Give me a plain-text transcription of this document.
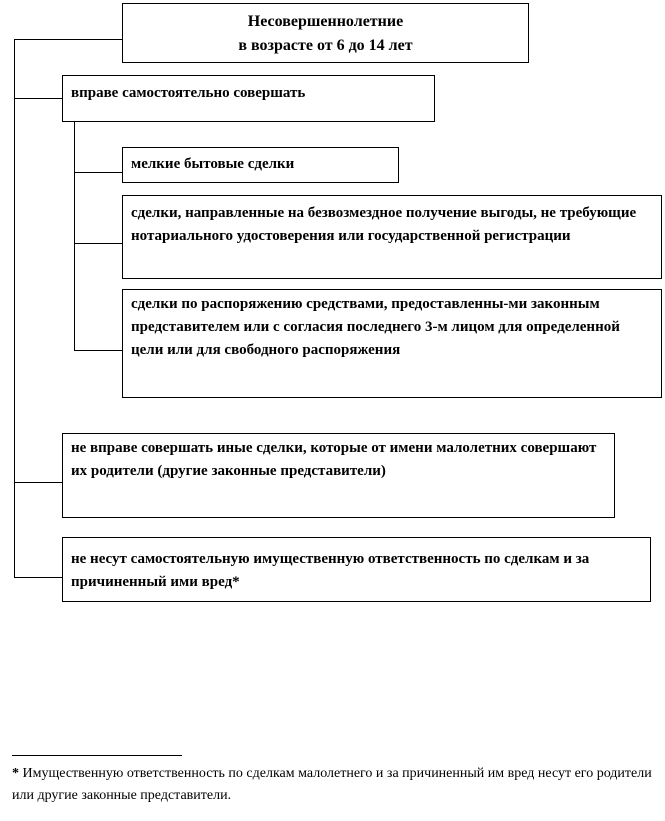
Несовершеннолетние
в возрасте от 6 до 14 лет
вправе самостоятельно совершать
мелкие бытовые сделки
сделки, направленные на безвозмездное получение выгоды, не требующие нотариального удостоверения или государственной регистрации
сделки по распоряжению средствами, предоставленны-ми законным представителем или с согласия последнего 3-м лицом для определенной цели или для свободного распоряжения
не вправе совершать иные сделки, которые от имени малолетних совершают их родители (другие законные представители)
не несут самостоятельную имущественную ответственность по сделкам и за причиненный ими вред*
* Имущественную ответственность по сделкам малолетнего и за причиненный им вред несут его родители или другие законные представители.
